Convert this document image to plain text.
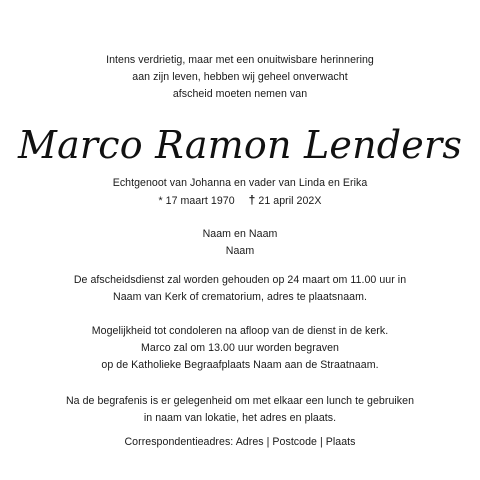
Intens verdrietig, maar met een onuitwisbare herinnering
aan zijn leven, hebben wij geheel onverwacht
afscheid moeten nemen van
Marco Ramon Lenders
Echtgenoot van Johanna en vader van Linda en Erika
* 17 maart 1970 † 21 april 202X
Naam en Naam
Naam
De afscheidsdienst zal worden gehouden op 24 maart om 11.00 uur in
Naam van Kerk of crematorium, adres te plaatsnaam.
Mogelijkheid tot condoleren na afloop van de dienst in de kerk.
Marco zal om 13.00 uur worden begraven
op de Katholieke Begraafplaats Naam aan de Straatnaam.
Na de begrafenis is er gelegenheid om met elkaar een lunch te gebruiken
in naam van lokatie, het adres en plaats.
Correspondentieadres: Adres | Postcode | Plaats
